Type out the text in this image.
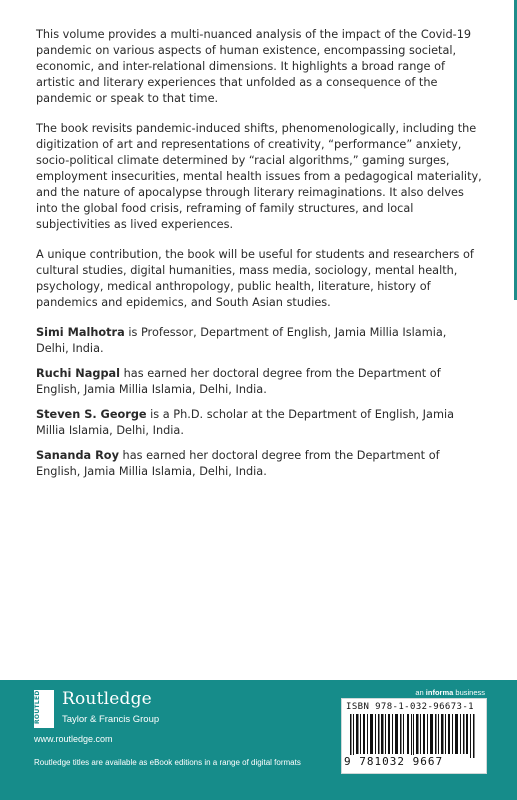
This volume provides a multi-nuanced analysis of the impact of the Covid-19 pandemic on various aspects of human existence, encompassing societal, economic, and inter-relational dimensions. It highlights a broad range of artistic and literary experiences that unfolded as a consequence of the pandemic or speak to that time.

The book revisits pandemic-induced shifts, phenomenologically, including the digitization of art and representations of creativity, “performance” anxiety, socio-political climate determined by “racial algorithms,” gaming surges, employment insecurities, mental health issues from a pedagogical materiality, and the nature of apocalypse through literary reimaginations. It also delves into the global food crisis, reframing of family structures, and local subjectivities as lived experiences.

A unique contribution, the book will be useful for students and researchers of cultural studies, digital humanities, mass media, sociology, mental health, psychology, medical anthropology, public health, literature, history of pandemics and epidemics, and South Asian studies.

Simi Malhotra is Professor, Department of English, Jamia Millia Islamia, Delhi, India.

Ruchi Nagpal has earned her doctoral degree from the Department of English, Jamia Millia Islamia, Delhi, India.

Steven S. George is a Ph.D. scholar at the Department of English, Jamia Millia Islamia, Delhi, India.

Sananda Roy has earned her doctoral degree from the Department of English, Jamia Millia Islamia, Delhi, India.

ROUTLEDGE	Routledge
Taylor & Francis Group
www.routledge.com
Routledge titles are available as eBook editions in a range of digital formats
an informa business
ISBN 978-1-032-96673-1
9 781032 9667
